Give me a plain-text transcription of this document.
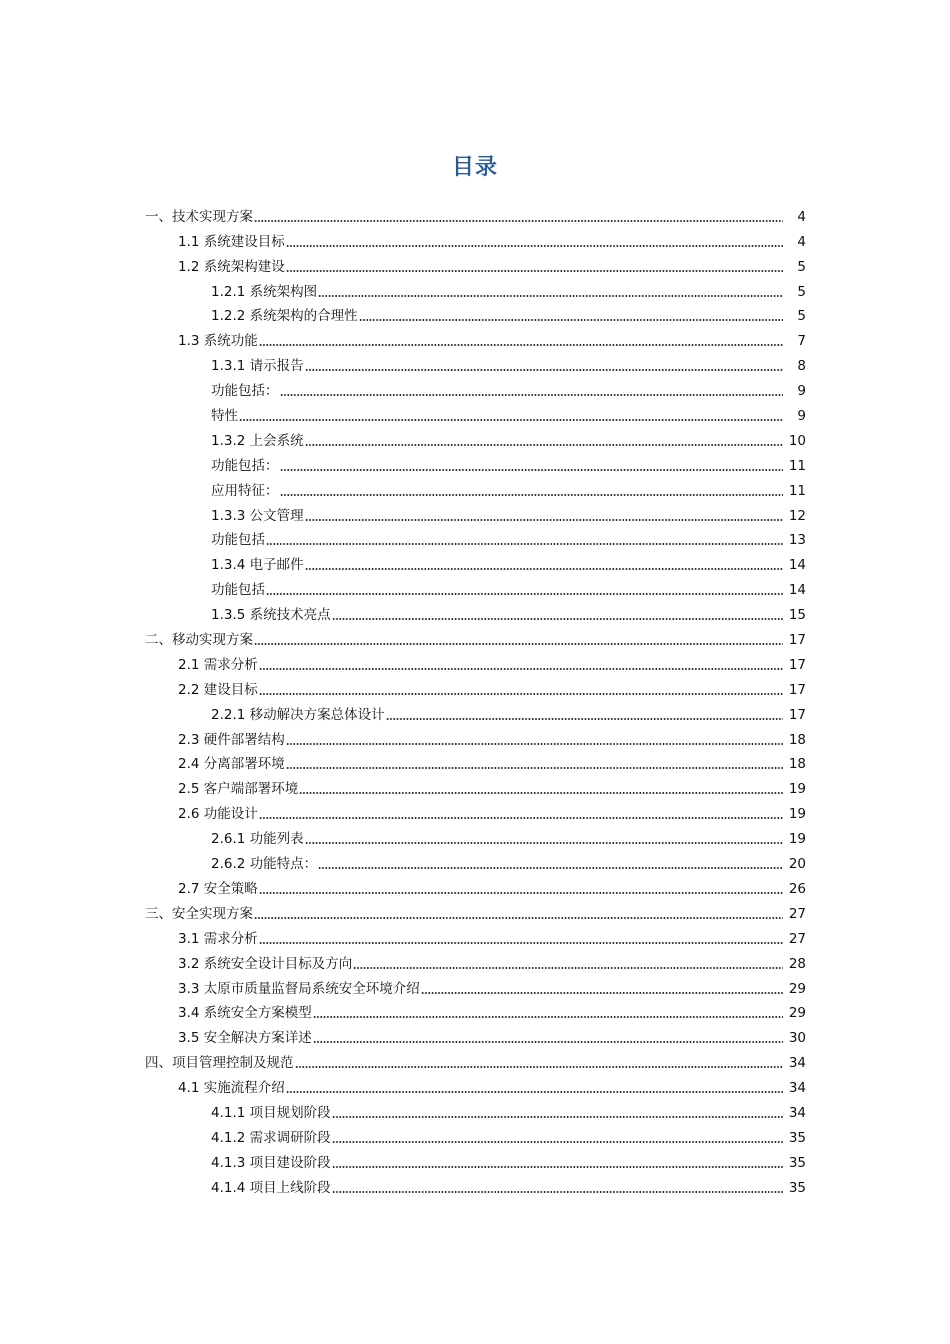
目录
一、技术实现方案	4
1.1 系统建设目标	4
1.2 系统架构建设	5
1.2.1 系统架构图	5
1.2.2 系统架构的合理性	5
1.3 系统功能	7
1.3.1 请示报告	8
功能包括：	9
特性	9
1.3.2 上会系统	10
功能包括：	11
应用特征：	11
1.3.3 公文管理	12
功能包括	13
1.3.4 电子邮件	14
功能包括	14
1.3.5 系统技术亮点	15
二、移动实现方案	17
2.1 需求分析	17
2.2 建设目标	17
2.2.1 移动解决方案总体设计	17
2.3 硬件部署结构	18
2.4 分离部署环境	18
2.5 客户端部署环境	19
2.6 功能设计	19
2.6.1 功能列表	19
2.6.2 功能特点：	20
2.7 安全策略	26
三、安全实现方案	27
3.1 需求分析	27
3.2 系统安全设计目标及方向	28
3.3 太原市质量监督局系统安全环境介绍	29
3.4 系统安全方案模型	29
3.5 安全解决方案详述	30
四、项目管理控制及规范	34
4.1 实施流程介绍	34
4.1.1 项目规划阶段	34
4.1.2 需求调研阶段	35
4.1.3 项目建设阶段	35
4.1.4 项目上线阶段	35
